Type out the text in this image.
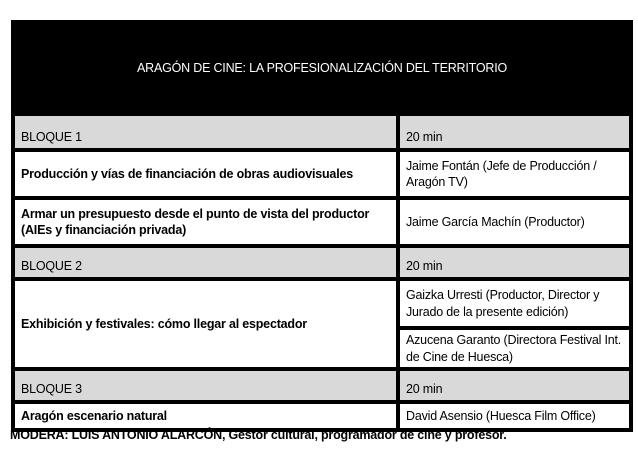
ARAGÓN DE CINE: LA PROFESIONALIZACIÓN DEL TERRITORIO	
BLOQUE 1	20 min
Producción y vías de financiación de obras audiovisuales	Jaime Fontán (Jefe de Producción / Aragón TV)
Armar un presupuesto desde el punto de vista del productor (AIEs y financiación privada)	Jaime García Machín (Productor)
BLOQUE 2	20 min
Exhibición y festivales: cómo llegar al espectador	Gaizka Urresti (Productor, Director y Jurado de la presente edición)
	Azucena Garanto (Directora Festival Int. de Cine de Huesca)
BLOQUE 3	20 min
Aragón escenario natural	David Asensio (Huesca Film Office)
MODERA: LUIS ANTONIO ALARCÓN, Gestor cultural, programador de cine y profesor.
